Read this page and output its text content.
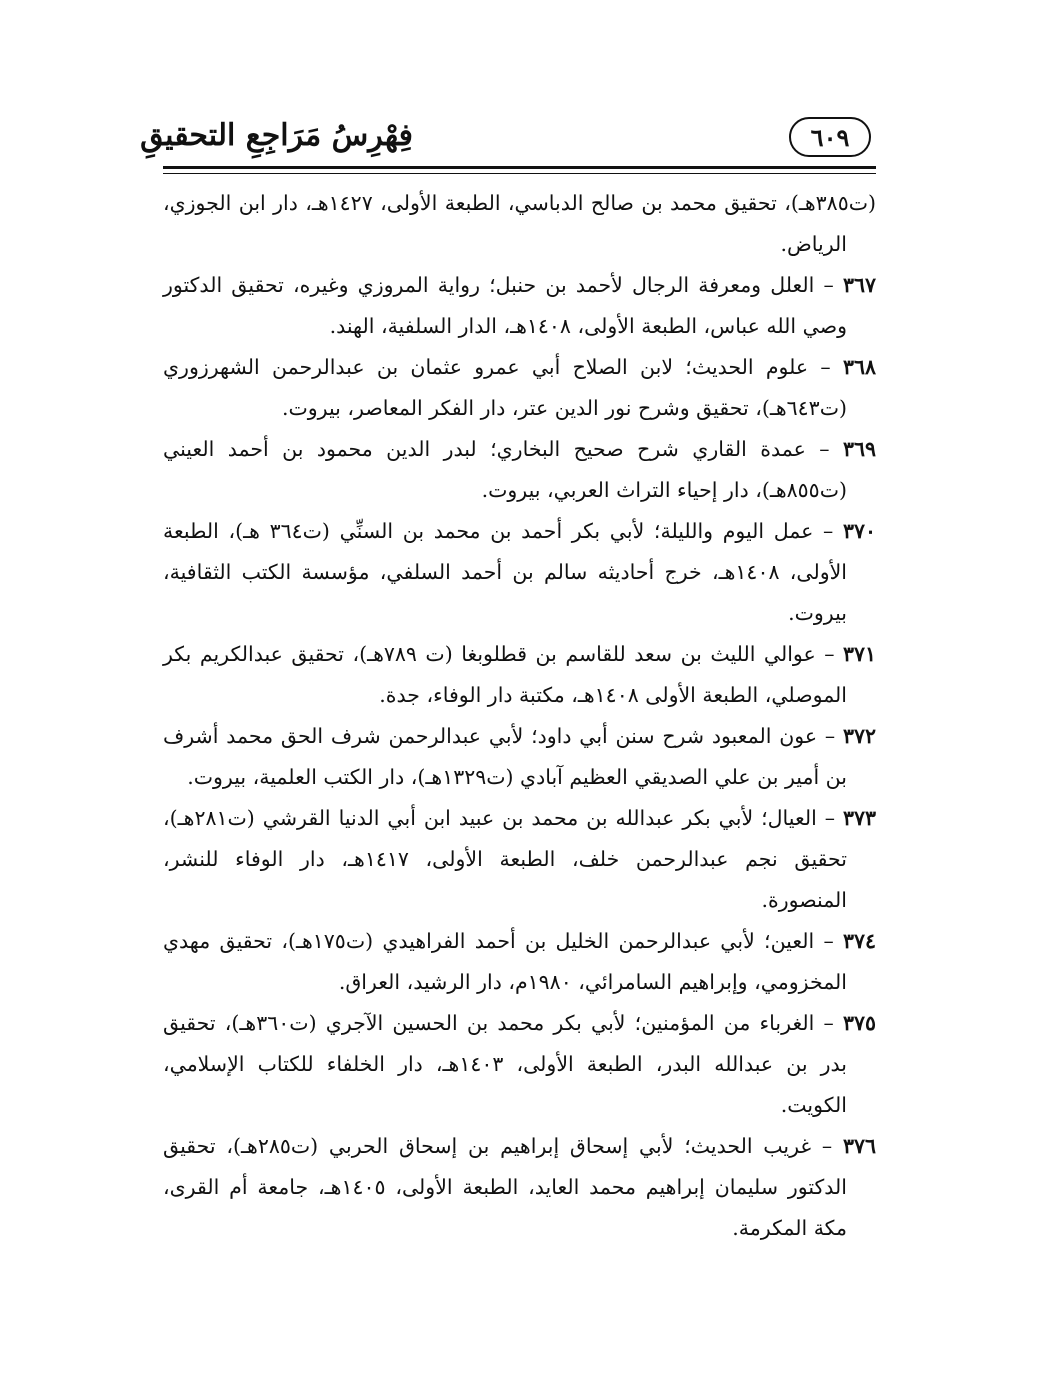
٦٠٩
فِهْرِسُ مَرَاجِعِ التحقيقِ

(ت٣٨٥هـ)، تحقيق محمد بن صالح الدباسي، الطبعة الأولى، ١٤٢٧هـ، دار ابن الجوزي، الرياض.

٣٦٧ – العلل ومعرفة الرجال لأحمد بن حنبل؛ رواية المروزي وغيره، تحقيق الدكتور وصي الله عباس، الطبعة الأولى، ١٤٠٨هـ، الدار السلفية، الهند.

٣٦٨ – علوم الحديث؛ لابن الصلاح أبي عمرو عثمان بن عبدالرحمن الشهرزوري (ت٦٤٣هـ)، تحقيق وشرح نور الدين عتر، دار الفكر المعاصر، بيروت.

٣٦٩ – عمدة القاري شرح صحيح البخاري؛ لبدر الدين محمود بن أحمد العيني (ت٨٥٥هـ)، دار إحياء التراث العربي، بيروت.

٣٧٠ – عمل اليوم والليلة؛ لأبي بكر أحمد بن محمد بن السنِّي (ت٣٦٤ هـ)، الطبعة الأولى، ١٤٠٨هـ، خرج أحاديثه سالم بن أحمد السلفي، مؤسسة الكتب الثقافية، بيروت.

٣٧١ – عوالي الليث بن سعد للقاسم بن قطلوبغا (ت ٧٨٩هـ)، تحقيق عبدالكريم بكر الموصلي، الطبعة الأولى ١٤٠٨هـ، مكتبة دار الوفاء، جدة.

٣٧٢ – عون المعبود شرح سنن أبي داود؛ لأبي عبدالرحمن شرف الحق محمد أشرف بن أمير بن علي الصديقي العظيم آبادي (ت١٣٢٩هـ)، دار الكتب العلمية، بيروت.

٣٧٣ – العيال؛ لأبي بكر عبدالله بن محمد بن عبيد ابن أبي الدنيا القرشي (ت٢٨١هـ)، تحقيق نجم عبدالرحمن خلف، الطبعة الأولى، ١٤١٧هـ، دار الوفاء للنشر، المنصورة.

٣٧٤ – العين؛ لأبي عبدالرحمن الخليل بن أحمد الفراهيدي (ت١٧٥هـ)، تحقيق مهدي المخزومي، وإبراهيم السامرائي، ١٩٨٠م، دار الرشيد، العراق.

٣٧٥ – الغرباء من المؤمنين؛ لأبي بكر محمد بن الحسين الآجري (ت٣٦٠هـ)، تحقيق بدر بن عبدالله البدر، الطبعة الأولى، ١٤٠٣هـ، دار الخلفاء للكتاب الإسلامي، الكويت.

٣٧٦ – غريب الحديث؛ لأبي إسحاق إبراهيم بن إسحاق الحربي (ت٢٨٥هـ)، تحقيق الدكتور سليمان إبراهيم محمد العايد، الطبعة الأولى، ١٤٠٥هـ، جامعة أم القرى، مكة المكرمة.
